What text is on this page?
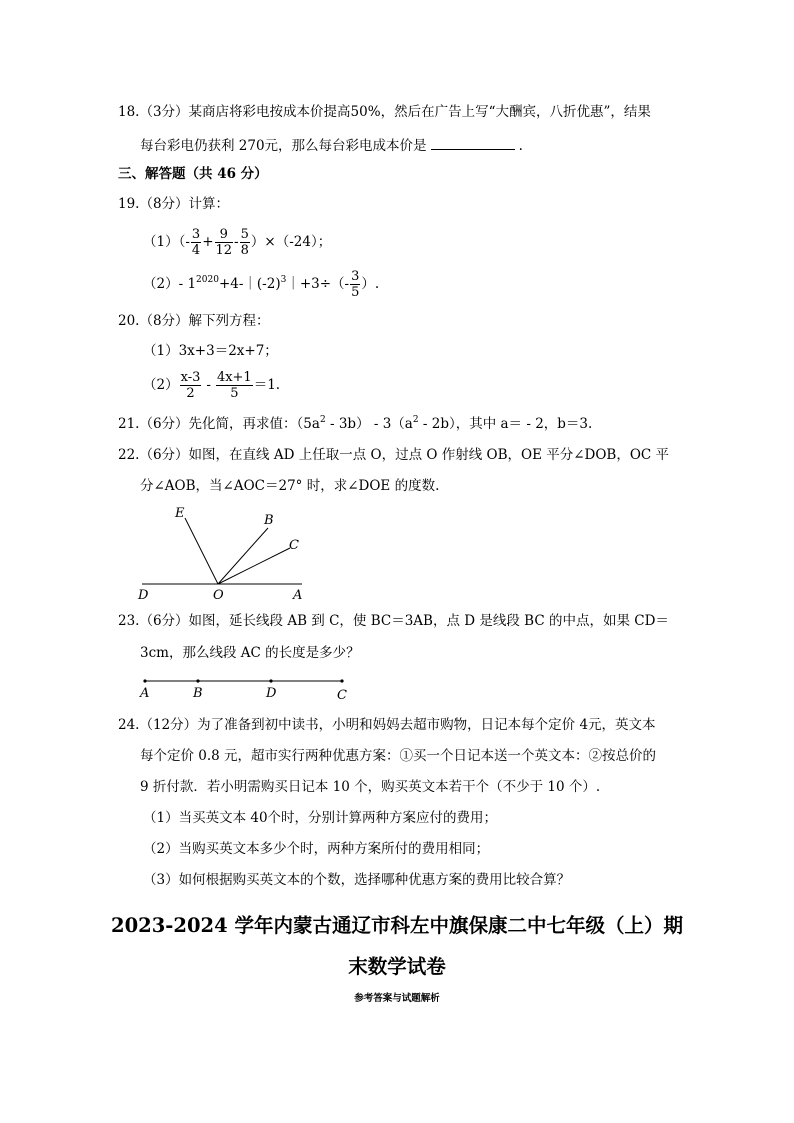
18.（3分）某商店将彩电按成本价提高50%，然后在广告上写“大酬宾，八折优惠”，结果
每台彩电仍获利 270元，那么每台彩电成本价是	.
三、解答题（共 46 分）
19.（8分）计算：
$(1)(- \frac{3}{4} + \frac{9}{12} - \frac{5}{8} )\times(-24)$；
（2）- $1^{2020}+4-|(-2)^3|+3\div(- \frac{3}{5}$ ）.
20.（8分）解下列方程：
（1）3x+3＝2x+7；
$(2) \frac{x-3}{2} - \frac{4x+1}{5} =1$.
21.（6分）先化简，再求值：$(5a^2 - 3b) - 3(a^2 - 2b)$，其中 a＝ - 2，b＝3.
22.（6分）如图，在直线 AD 上任取一点 O，过点 O 作射线 OB，OE 平分∠DOB，OC 平
分∠AOB，当∠AOC＝27° 时，求∠DOE 的度数.
E	B
C
D	O	A
23.（6分）如图，延长线段 AB 到 C，使 BC＝3AB，点 D 是线段 BC 的中点，如果 CD＝
3cm，那么线段 AC 的长度是多少？
A	B	D	C
24.（12分）为了准备到初中读书，小明和妈妈去超市购物，日记本每个定价 4元，英文本
每个定价 0.8 元，超市实行两种优惠方案：①买一个日记本送一个英文本：②按总价的
9 折付款．若小明需购买日记本 10 个，购买英文本若干个（不少于 10 个）.
（1）当买英文本 40个时，分别计算两种方案应付的费用；
（2）当购买英文本多少个时，两种方案所付的费用相同；
（3）如何根据购买英文本的个数，选择哪种优惠方案的费用比较合算？
2023-2024 学年内蒙古通辽市科左中旗保康二中七年级（上）期
末数学试卷
参考答案与试题解析
